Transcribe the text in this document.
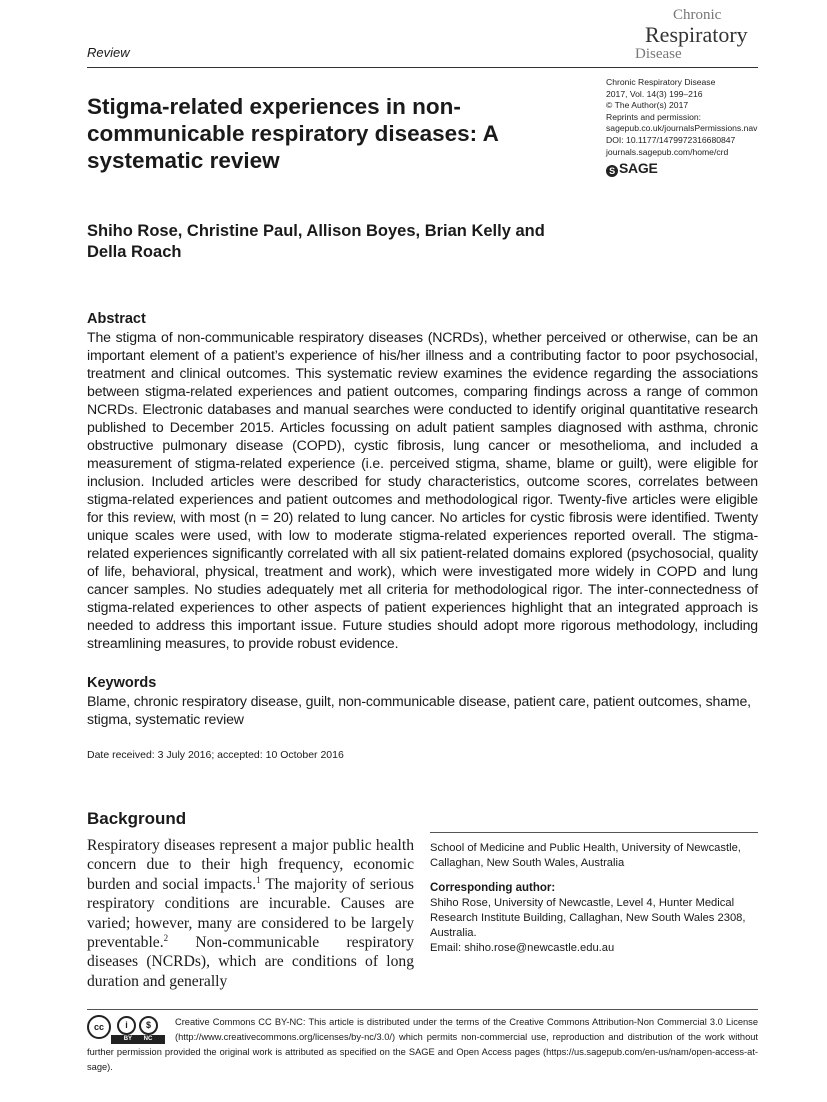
Review
Chronic
Respiratory
Disease
Chronic Respiratory Disease
2017, Vol. 14(3) 199–216
© The Author(s) 2017
Reprints and permission:
sagepub.co.uk/journalsPermissions.nav
DOI: 10.1177/1479972316680847
journals.sagepub.com/home/crd
S SAGE
Stigma-related experiences in non-communicable respiratory diseases: A systematic review
Shiho Rose, Christine Paul, Allison Boyes, Brian Kelly and Della Roach
Abstract

The stigma of non-communicable respiratory diseases (NCRDs), whether perceived or otherwise, can be an important element of a patient’s experience of his/her illness and a contributing factor to poor psychosocial, treatment and clinical outcomes. This systematic review examines the evidence regarding the associations between stigma-related experiences and patient outcomes, comparing findings across a range of common NCRDs. Electronic databases and manual searches were conducted to identify original quantitative research published to December 2015. Articles focussing on adult patient samples diagnosed with asthma, chronic obstructive pulmonary disease (COPD), cystic fibrosis, lung cancer or mesothelioma, and included a measurement of stigma-related experience (i.e. perceived stigma, shame, blame or guilt), were eligible for inclusion. Included articles were described for study characteristics, outcome scores, correlates between stigma-related experiences and patient outcomes and methodological rigor. Twenty-five articles were eligible for this review, with most (n = 20) related to lung cancer. No articles for cystic fibrosis were identified. Twenty unique scales were used, with low to moderate stigma-related experiences reported overall. The stigma-related experiences significantly correlated with all six patient-related domains explored (psychosocial, quality of life, behavioral, physical, treatment and work), which were investigated more widely in COPD and lung cancer samples. No studies adequately met all criteria for methodological rigor. The inter-connectedness of stigma-related experiences to other aspects of patient experiences highlight that an integrated approach is needed to address this important issue. Future studies should adopt more rigorous methodology, including streamlining measures, to provide robust evidence.

Keywords

Blame, chronic respiratory disease, guilt, non-communicable disease, patient care, patient outcomes, shame, stigma, systematic review

Date received: 3 July 2016; accepted: 10 October 2016
Background
Respiratory diseases represent a major public health concern due to their high frequency, economic burden and social impacts.$^1$ The majority of serious respiratory conditions are incurable. Causes are varied; however, many are considered to be largely preventable.$^2$ Non-communicable respiratory diseases (NCRDs), which are conditions of long duration and generally
School of Medicine and Public Health, University of Newcastle, Callaghan, New South Wales, Australia
Corresponding author:
Shiho Rose, University of Newcastle, Level 4, Hunter Medical Research Institute Building, Callaghan, New South Wales 2308, Australia.
Email: shiho.rose@newcastle.edu.au
cc	i	$
BY NC
Creative Commons CC BY-NC: This article is distributed under the terms of the Creative Commons Attribution-Non Commercial 3.0 License (http://www.creativecommons.org/licenses/by-nc/3.0/) which permits non-commercial use, reproduction and distribution of the work without further permission provided the original work is attributed as specified on the SAGE and Open Access pages (https://us.sagepub.com/en-us/nam/open-access-at-sage).
